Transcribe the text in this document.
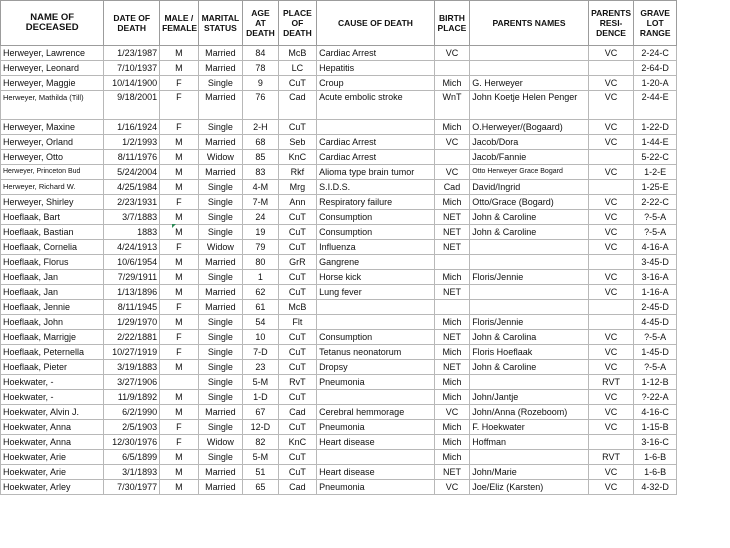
NAME OF DECEASED	DATE OF DEATH	MALE / FEMALE	MARITAL STATUS	AGE AT DEATH	PLACE OF DEATH	CAUSE OF DEATH	BIRTH PLACE	PARENTS NAMES	PARENTS RESI-DENCE	GRAVE LOT RANGE
Herweyer, Lawrence	1/23/1987	M	Married	84	McB	Cardiac Arrest	VC		VC	2-24-C
Herweyer, Leonard	7/10/1937	M	Married	78	LC	Hepatitis				2-64-D
Herweyer, Maggie	10/14/1900	F	Single	9	CuT	Croup	Mich	G. Herweyer	VC	1-20-A
Herweyer, Mathilda (Till)	9/18/2001	F	Married	76	Cad	Acute embolic stroke	WnT	John Koetje Helen Penger	VC	2-44-E
Herweyer, Maxine	1/16/1924	F	Single	2-H	CuT		Mich	O.Herweyer/(Bogaard)	VC	1-22-D
Herweyer, Orland	1/2/1993	M	Married	68	Seb	Cardiac Arrest	VC	Jacob/Dora	VC	1-44-E
Herweyer, Otto	8/11/1976	M	Widow	85	KnC	Cardiac Arrest		Jacob/Fannie		5-22-C
Herweyer, Princeton Bud	5/24/2004	M	Married	83	Rkf	Alioma type brain tumor	VC	Otto Herweyer Grace Bogard	VC	1-2-E
Herweyer, Richard W.	4/25/1984	M	Single	4-M	Mrg	S.I.D.S.	Cad	David/Ingrid		1-25-E
Herweyer, Shirley	2/23/1931	F	Single	7-M	Ann	Respiratory failure	Mich	Otto/Grace (Bogard)	VC	2-22-C
Hoeflaak, Bart	3/7/1883	M	Single	24	CuT	Consumption	NET	John & Caroline	VC	?-5-A
Hoeflaak, Bastian	1883	M	Single	19	CuT	Consumption	NET	John & Caroline	VC	?-5-A
Hoeflaak, Cornelia	4/24/1913	F	Widow	79	CuT	Influenza	NET		VC	4-16-A
Hoeflaak, Florus	10/6/1954	M	Married	80	GrR	Gangrene				3-45-D
Hoeflaak, Jan	7/29/1911	M	Single	1	CuT	Horse kick	Mich	Floris/Jennie	VC	3-16-A
Hoeflaak, Jan	1/13/1896	M	Married	62	CuT	Lung fever	NET		VC	1-16-A
Hoeflaak, Jennie	8/11/1945	F	Married	61	McB					2-45-D
Hoeflaak, John	1/29/1970	M	Single	54	Flt		Mich	Floris/Jennie		4-45-D
Hoeflaak, Marrigje	2/22/1881	F	Single	10	CuT	Consumption	NET	John & Carolina	VC	?-5-A
Hoeflaak, Peternella	10/27/1919	F	Single	7-D	CuT	Tetanus neonatorum	Mich	Floris Hoeflaak	VC	1-45-D
Hoeflaak, Pieter	3/19/1883	M	Single	23	CuT	Dropsy	NET	John & Caroline	VC	?-5-A
Hoekwater, -	3/27/1906		Single	5-M	RvT	Pneumonia	Mich		RVT	1-12-B
Hoekwater, -	11/9/1892	M	Single	1-D	CuT		Mich	John/Jantje	VC	?-22-A
Hoekwater, Alvin J.	6/2/1990	M	Married	67	Cad	Cerebral hemmorage	VC	John/Anna (Rozeboom)	VC	4-16-C
Hoekwater, Anna	2/5/1903	F	Single	12-D	CuT	Pneumonia	Mich	F. Hoekwater	VC	1-15-B
Hoekwater, Anna	12/30/1976	F	Widow	82	KnC	Heart disease	Mich	Hoffman		3-16-C
Hoekwater, Arie	6/5/1899	M	Single	5-M	CuT		Mich		RVT	1-6-B
Hoekwater, Arie	3/1/1893	M	Married	51	CuT	Heart disease	NET	John/Marie	VC	1-6-B
Hoekwater, Arley	7/30/1977	M	Married	65	Cad	Pneumonia	VC	Joe/Eliz (Karsten)	VC	4-32-D
